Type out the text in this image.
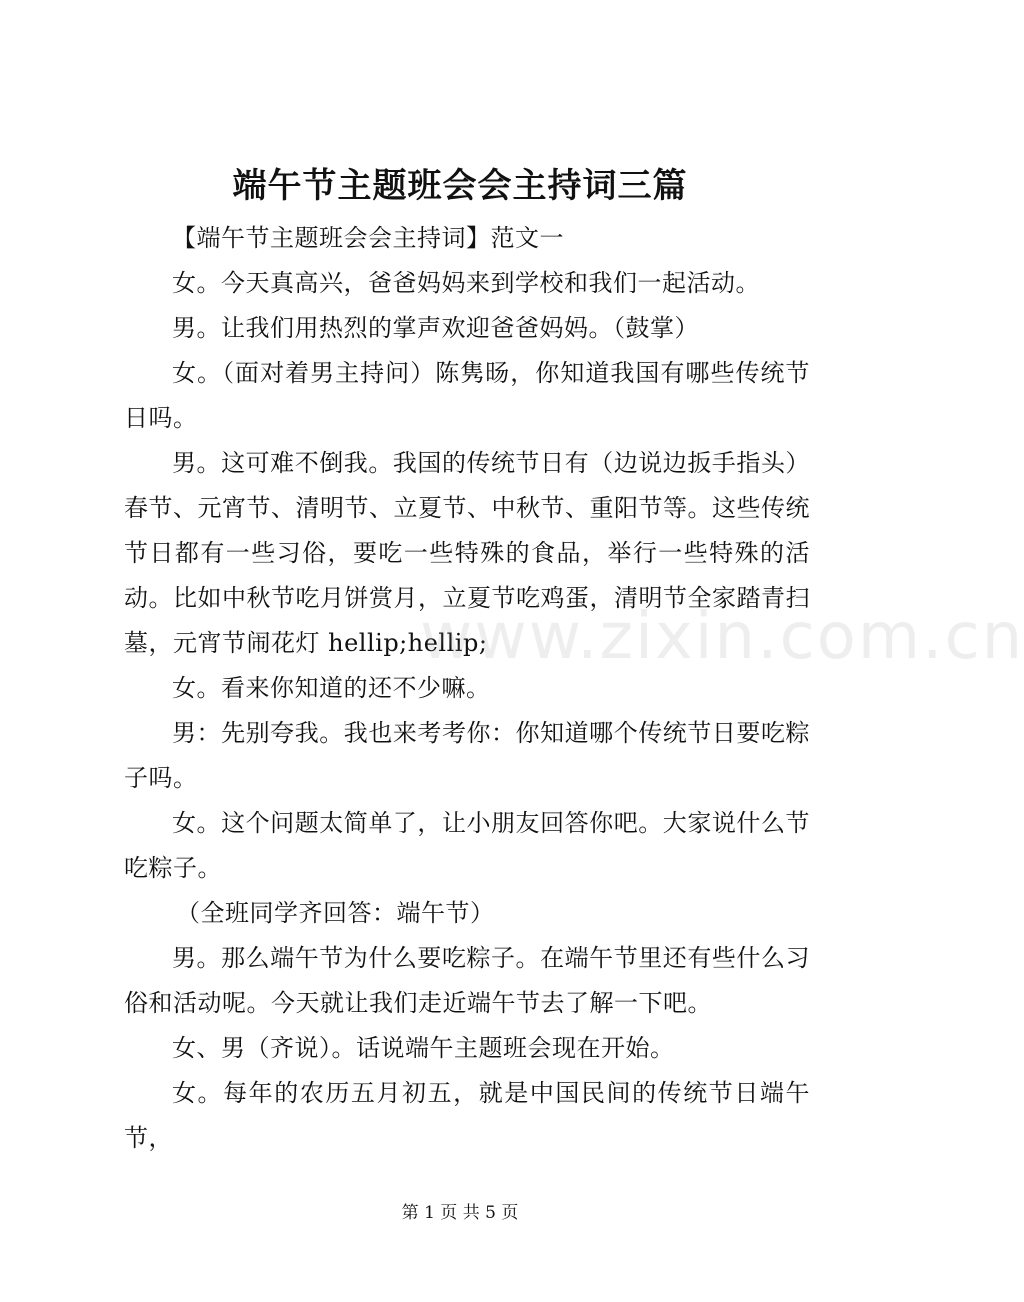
端午节主题班会会主持词三篇

【端午节主题班会会主持词】范文一

女。今天真高兴，爸爸妈妈来到学校和我们一起活动。

男。让我们用热烈的掌声欢迎爸爸妈妈。（鼓掌）

女。（面对着男主持问）陈隽旸，你知道我国有哪些传统节日吗。

男。这可难不倒我。我国的传统节日有（边说边扳手指头）春节、元宵节、清明节、立夏节、中秋节、重阳节等。这些传统节日都有一些习俗，要吃一些特殊的食品，举行一些特殊的活动。比如中秋节吃月饼赏月，立夏节吃鸡蛋，清明节全家踏青扫墓，元宵节闹花灯 hellip;hellip;

女。看来你知道的还不少嘛。

男：先别夸我。我也来考考你：你知道哪个传统节日要吃粽子吗。

女。这个问题太简单了，让小朋友回答你吧。大家说什么节吃粽子。

（全班同学齐回答：端午节）

男。那么端午节为什么要吃粽子。在端午节里还有些什么习俗和活动呢。今天就让我们走近端午节去了解一下吧。

女、男（齐说）。话说端午主题班会现在开始。

女。每年的农历五月初五，就是中国民间的传统节日端午节，

www.zixin.com.cn
第 1 页 共 5 页
